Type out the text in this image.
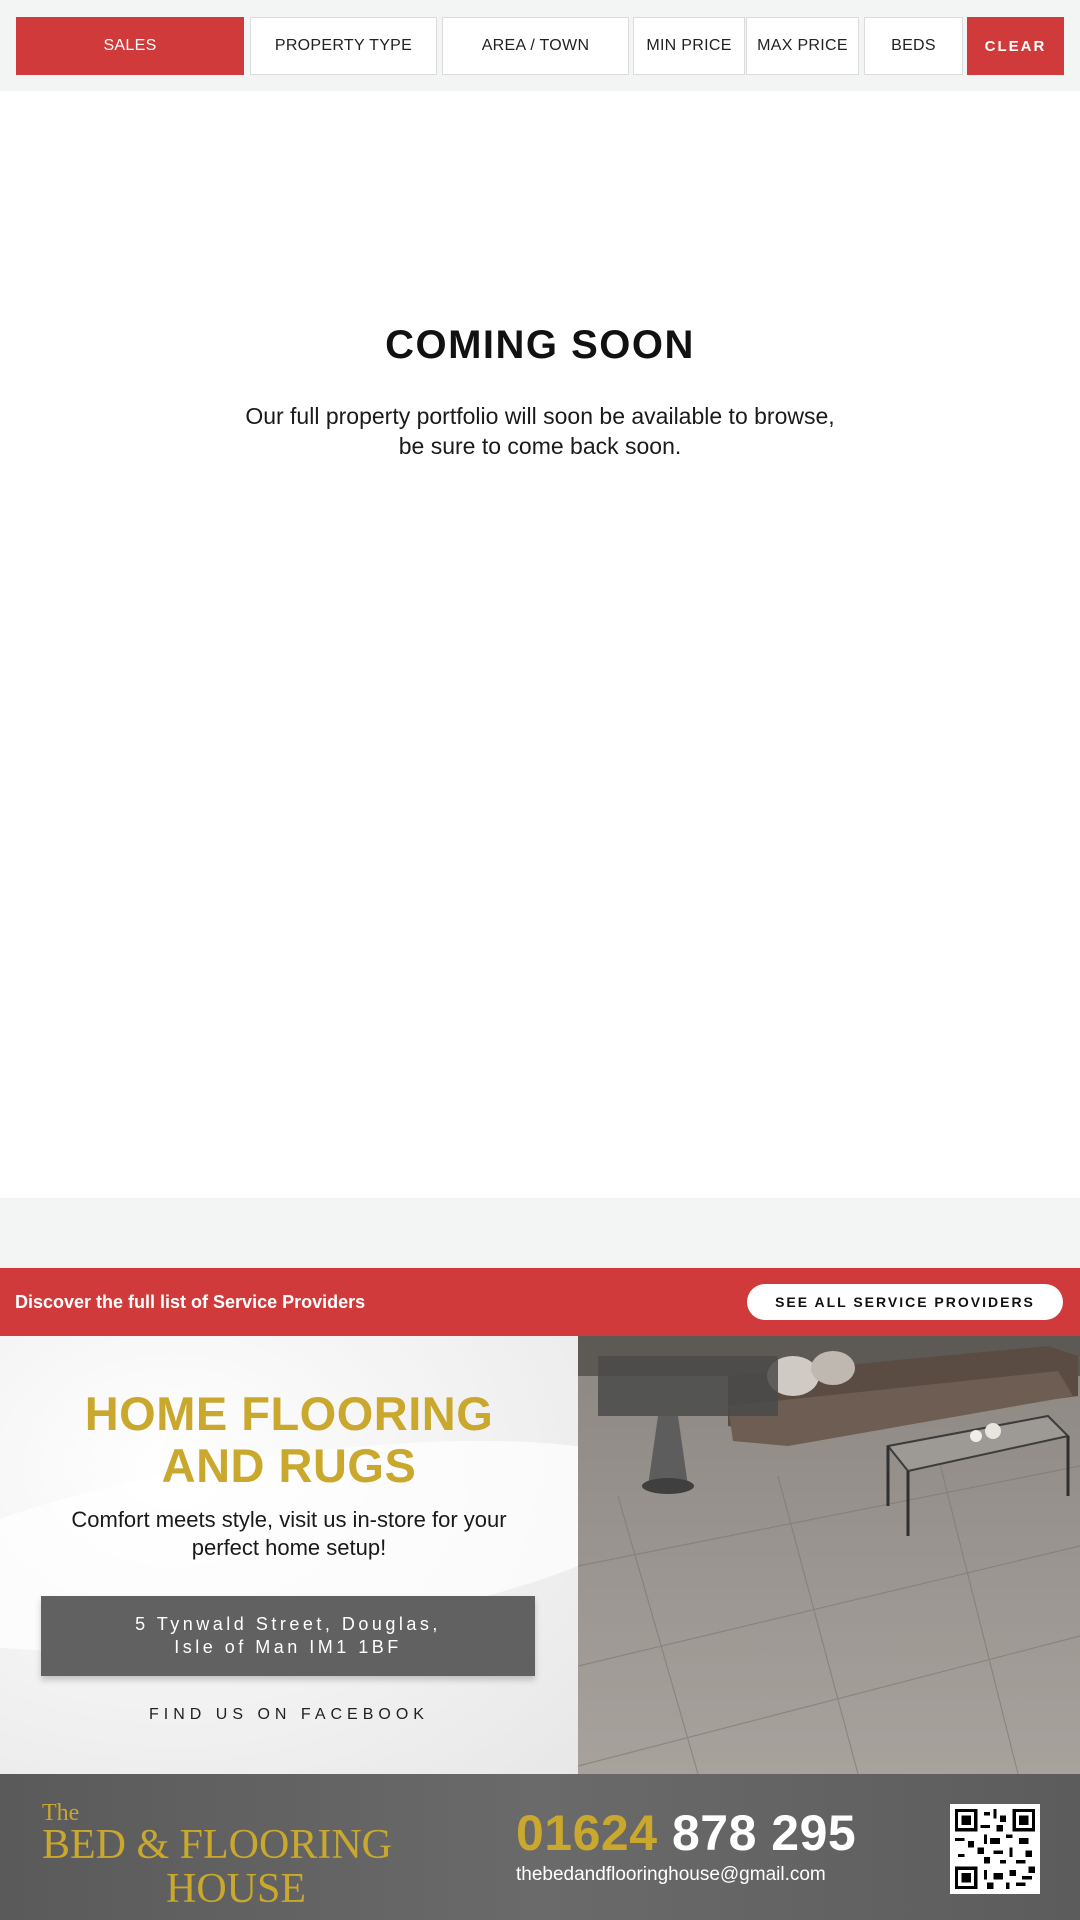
SALES	PROPERTY TYPE	AREA / TOWN	MIN PRICE	MAX PRICE	BEDS	CLEAR
COMING SOON

Our full property portfolio will soon be available to browse, be sure to come back soon.

Discover the full list of Service Providers	SEE ALL SERVICE PROVIDERS
HOME FLOORING
AND RUGS
Comfort meets style, visit us in-store for your perfect home setup!
5 Tynwald Street, Douglas,
Isle of Man IM1 1BF
FIND US ON FACEBOOK
The
BED & FLOORING
HOUSE
01624 878 295
thebedandflooringhouse@gmail.com
